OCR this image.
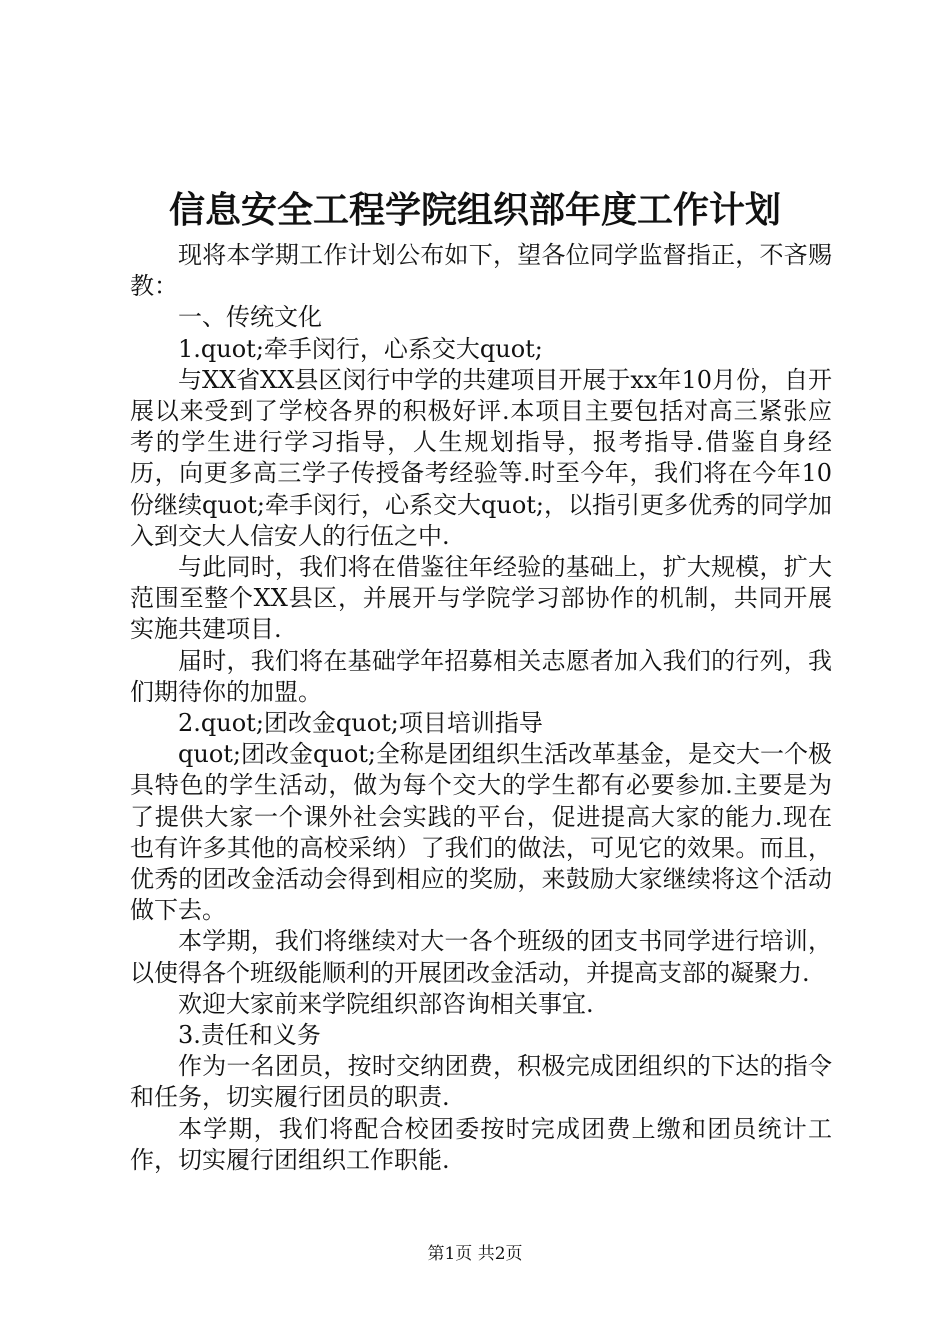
信息安全工程学院组织部年度工作计划

现将本学期工作计划公布如下，望各位同学监督指正，不吝赐教：

一、传统文化

1.quot;牵手闵行，心系交大quot;

与XX省XX县区闵行中学的共建项目开展于xx年10月份，自开展以来受到了学校各界的积极好评.本项目主要包括对高三紧张应考的学生进行学习指导，人生规划指导，报考指导.借鉴自身经历，向更多高三学子传授备考经验等.时至今年，我们将在今年10份继续quot;牵手闵行，心系交大quot;，以指引更多优秀的同学加入到交大人信安人的行伍之中.

与此同时，我们将在借鉴往年经验的基础上，扩大规模，扩大范围至整个XX县区，并展开与学院学习部协作的机制，共同开展实施共建项目.

届时，我们将在基础学年招募相关志愿者加入我们的行列，我们期待你的加盟。

2.quot;团改金quot;项目培训指导

quot;团改金quot;全称是团组织生活改革基金，是交大一个极具特色的学生活动，做为每个交大的学生都有必要参加.主要是为了提供大家一个课外社会实践的平台，促进提高大家的能力.现在也有许多其他的高校采纳）了我们的做法，可见它的效果。而且，优秀的团改金活动会得到相应的奖励，来鼓励大家继续将这个活动做下去。

本学期，我们将继续对大一各个班级的团支书同学进行培训，以使得各个班级能顺利的开展团改金活动，并提高支部的凝聚力.

欢迎大家前来学院组织部咨询相关事宜.

3.责任和义务

作为一名团员，按时交纳团费，积极完成团组织的下达的指令和任务，切实履行团员的职责.

本学期，我们将配合校团委按时完成团费上缴和团员统计工作，切实履行团组织工作职能.

第1页 共2页
